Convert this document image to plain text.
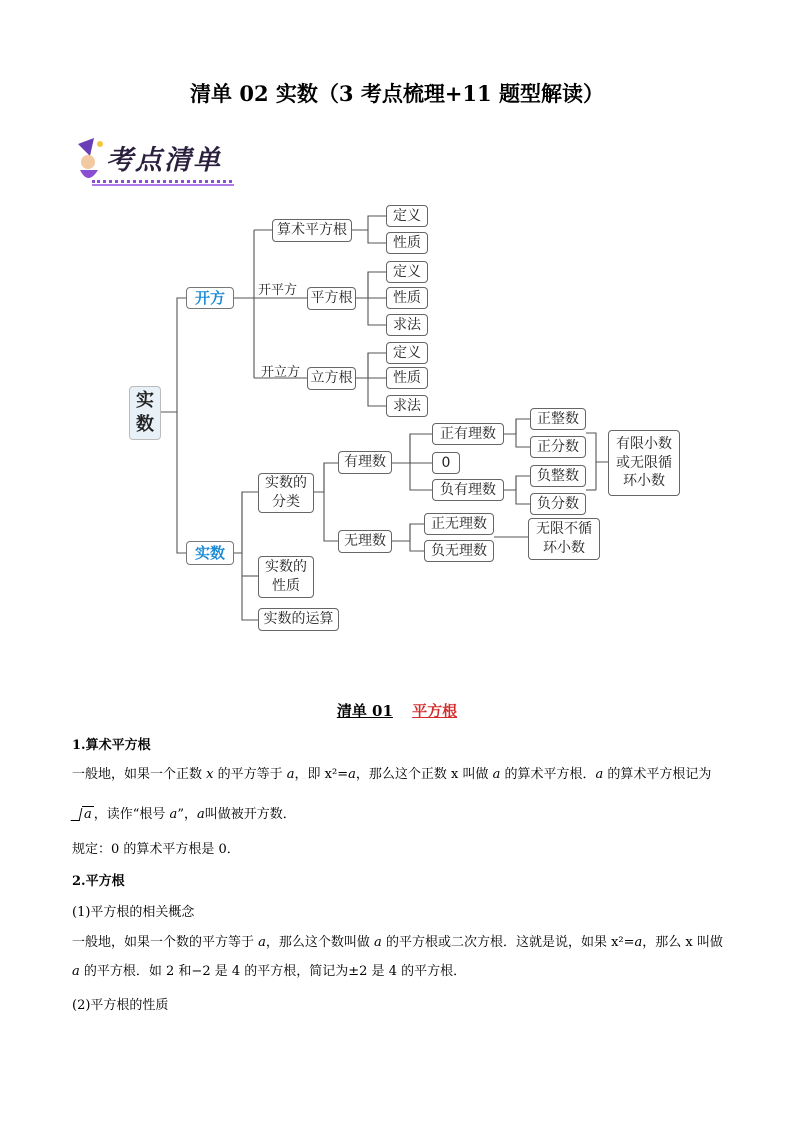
清单 02 实数（3 考点梳理+11 题型解读）
考点清单
实数
开方
实数
开平方
开立方
算术平方根
平方根
立方根
定义
性质
定义
性质
求法
定义
性质
求法
实数的分类
实数的性质
实数的运算
有理数
无理数
正有理数
0
负有理数
正整数
正分数
负整数
负分数
有限小数或无限循环小数
正无理数
负无理数
无限不循环小数
清单 01 平方根
1.算术平方根
一般地，如果一个正数 x 的平方等于 a，即 x²=a，那么这个正数 x 叫做 a 的算术平方根．a 的算术平方根记为
a ，读作“根号 a”，a叫做被开方数．
规定：0 的算术平方根是 0．
2.平方根
(1)平方根的相关概念
一般地，如果一个数的平方等于 a，那么这个数叫做 a 的平方根或二次方根．这就是说，如果 x²=a，那么 x 叫做
a 的平方根．如 2 和−2 是 4 的平方根，简记为±2 是 4 的平方根．
(2)平方根的性质
